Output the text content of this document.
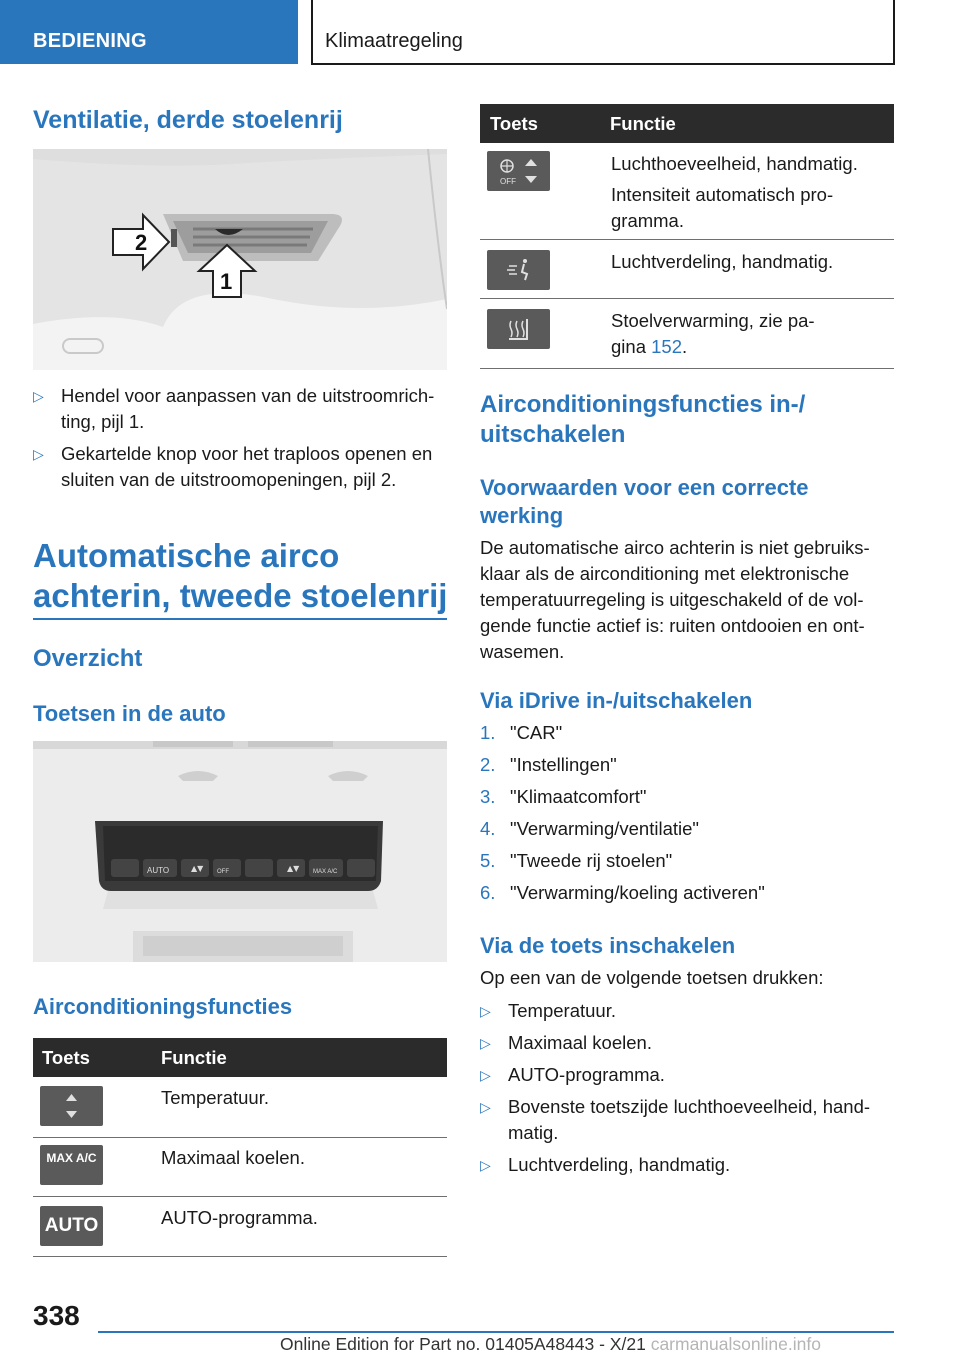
BEDIENING	Klimaatregeling
Ventilatie, derde stoelenrij
2
1
▷ Hendel voor aanpassen van de uitstroomrich-
ting, pijl 1.
▷ Gekartelde knop voor het traploos openen en
sluiten van de uitstroomopeningen, pijl 2.
Automatische airco
achterin, tweede stoelenrij
Overzicht
Toetsen in de auto
AUTO	▲▼ OFF	▲▼ MAX A/C
Airconditioningsfuncties
Toets	Functie
Temperatuur.
MAX A/C	Maximaal koelen.
AUTO	AUTO-programma.
Toets	Functie
OFF
Luchthoeveelheid, handmatig.
Intensiteit automatisch pro-
gramma.
Luchtverdeling, handmatig.
Stoelverwarming, zie pa-
gina 152.
Airconditioningsfuncties in-/
uitschakelen
Voorwaarden voor een correcte
werking
De automatische airco achterin is niet gebruiks-
klaar als de airconditioning met elektronische
temperatuurregeling is uitgeschakeld of de vol-
gende functie actief is: ruiten ontdooien en ont-
wasemen.
Via iDrive in-/uitschakelen
1. "CAR"
2. "Instellingen"
3. "Klimaatcomfort"
4. "Verwarming/ventilatie"
5. "Tweede rij stoelen"
6. "Verwarming/koeling activeren"
Via de toets inschakelen
Op een van de volgende toetsen drukken:
▷ Temperatuur.
▷ Maximaal koelen.
▷ AUTO-programma.
▷ Bovenste toetszijde luchthoeveelheid, hand-
matig.
▷ Luchtverdeling, handmatig.
338
Online Edition for Part no. 01405A48443 - X/21 carmanualsonline.info
